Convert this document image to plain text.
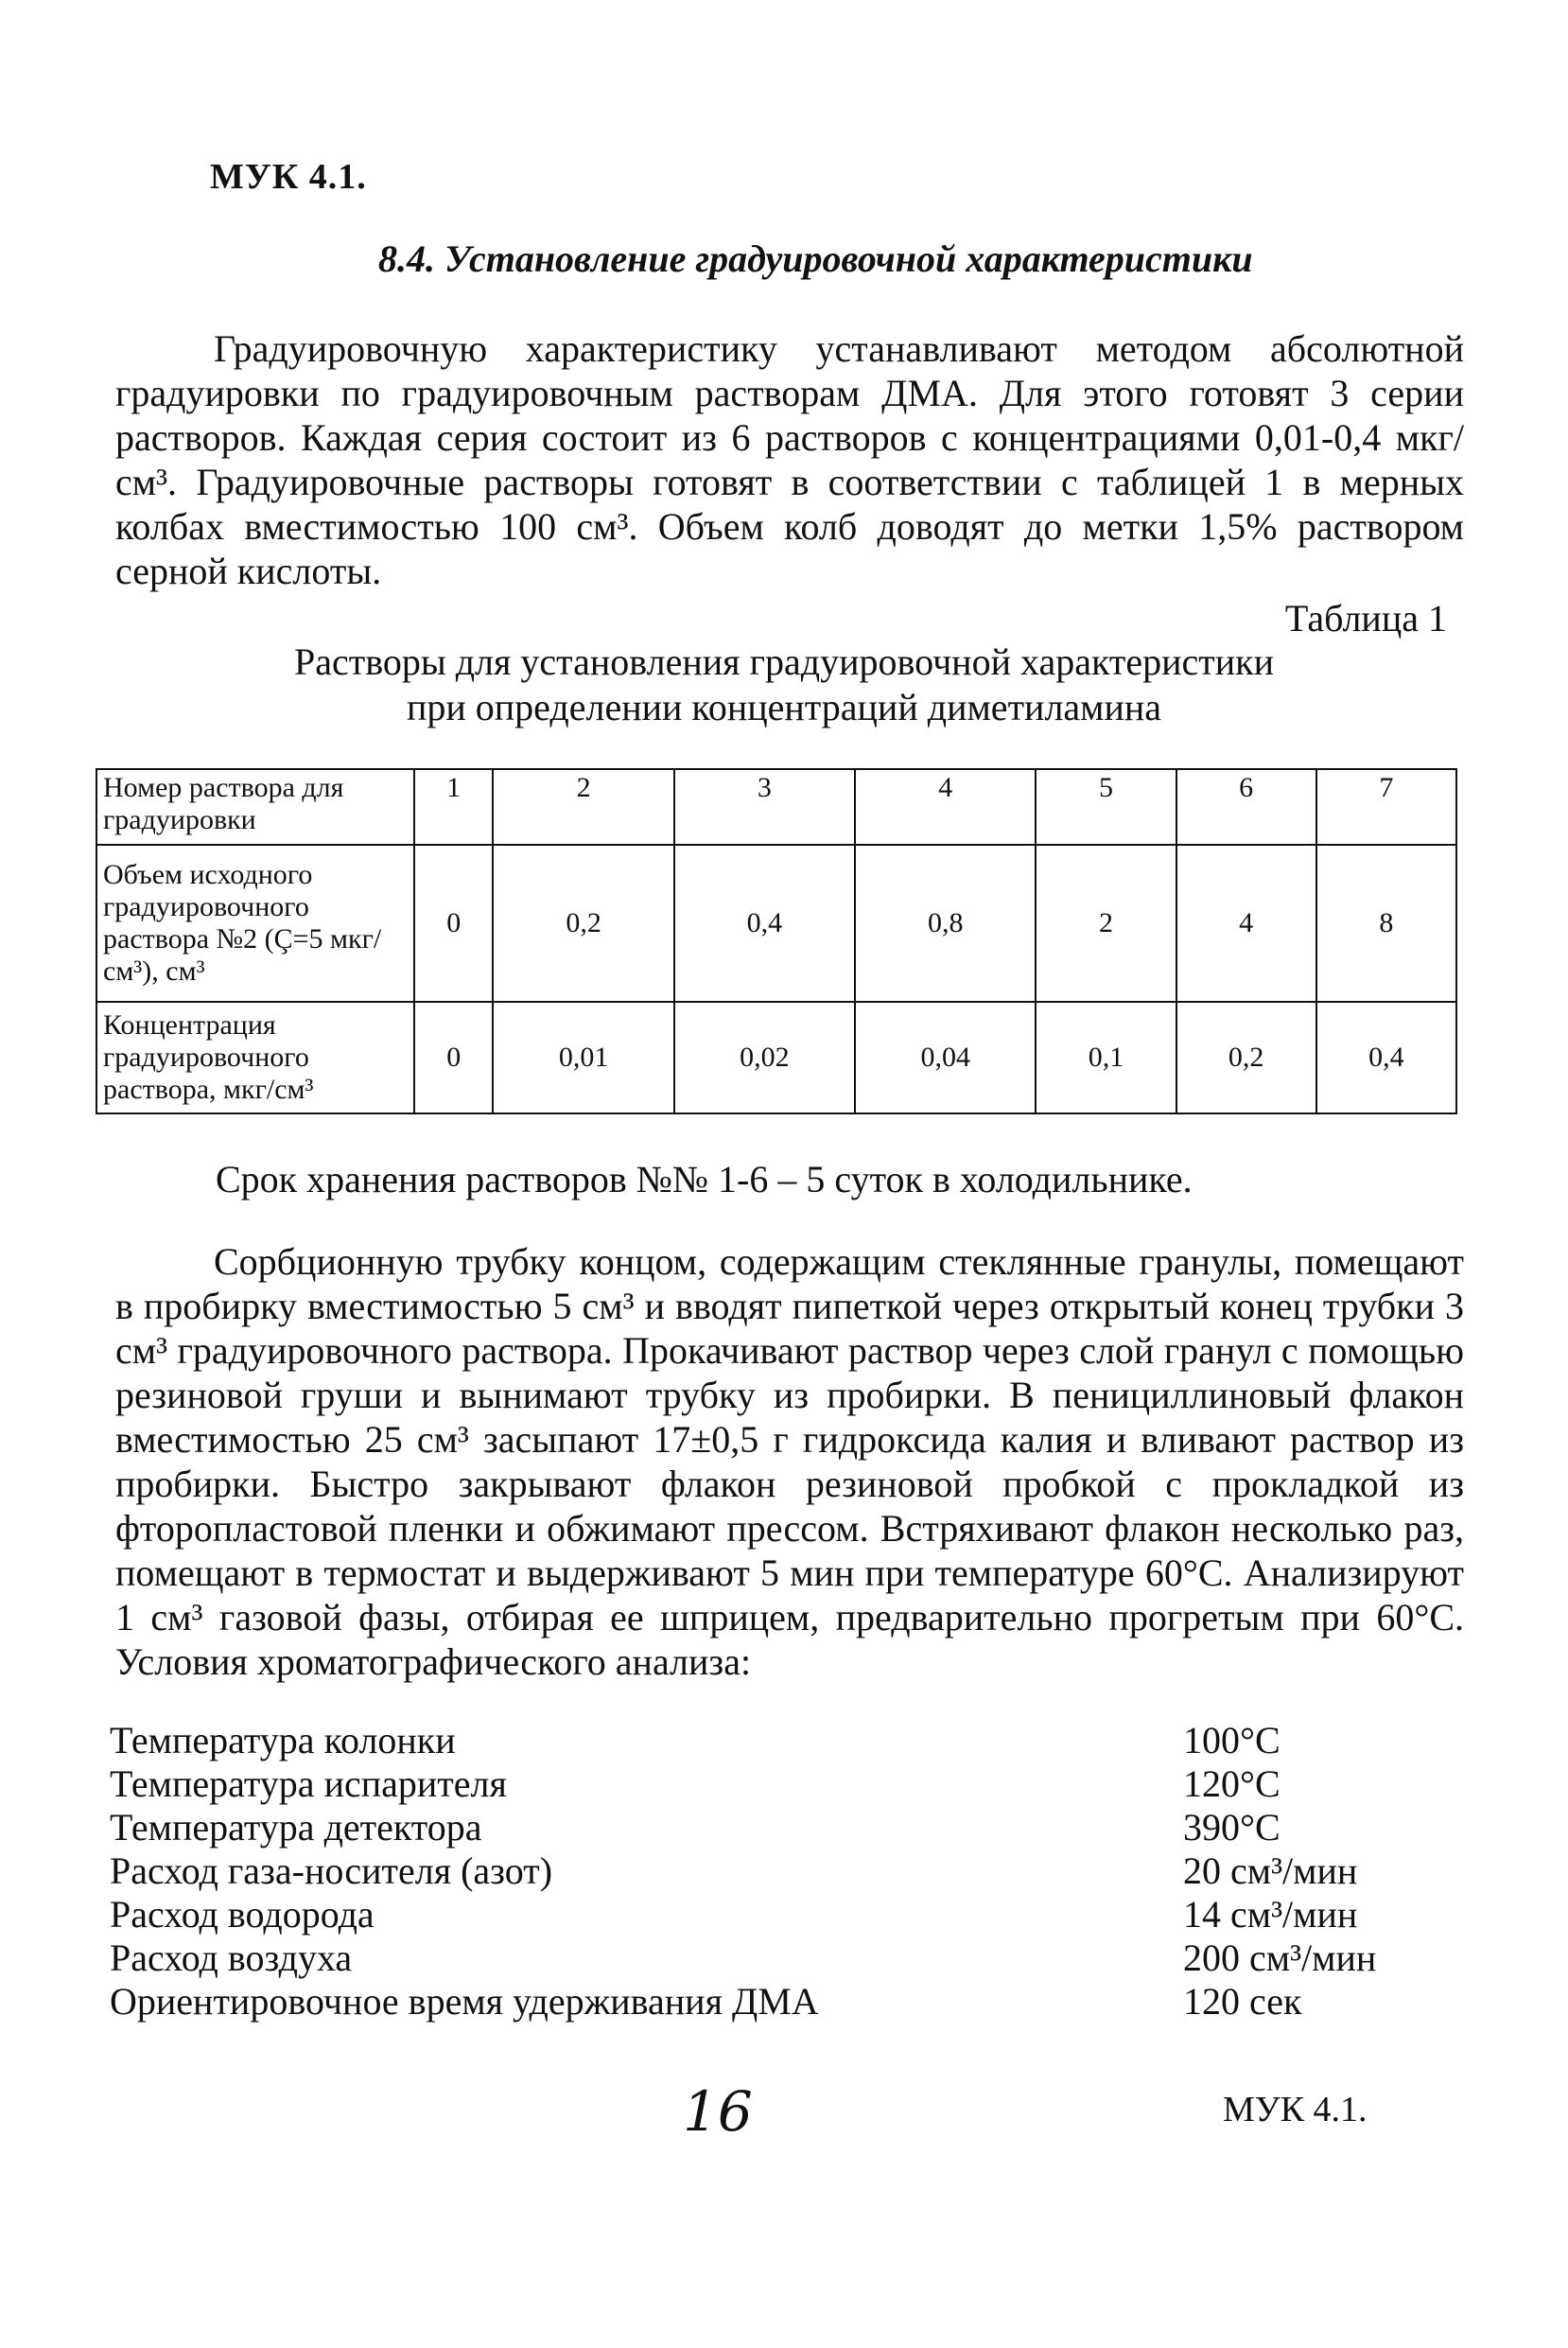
МУК 4.1.
8.4. Установление градуировочной характеристики

Градуировочную характеристику устанавливают методом абсолютной градуировки по градуировочным растворам ДМА. Для этого готовят 3 серии растворов. Каждая серия состоит из 6 растворов с концентрациями 0,01-0,4 мкг/см³. Градуировочные растворы готовят в соответствии с таблицей 1 в мерных колбах вместимостью 100 см³. Объем колб доводят до метки 1,5% раствором серной кислоты.

Таблица 1
Растворы для установления градуировочной характеристики
при определении концентраций диметиламина
Номер раствора для градуировки	1	2	3	4	5	6	7
Объем исходного градуировочного раствора №2 (Ç=5 мкг/см³), см³	0	0,2	0,4	0,8	2	4	8
Концентрация градуировочного раствора, мкг/см³	0	0,01	0,02	0,04	0,1	0,2	0,4
Срок хранения растворов №№ 1-6 – 5 суток в холодильнике.

Сорбционную трубку концом, содержащим стеклянные гранулы, помещают в пробирку вместимостью 5 см³ и вводят пипеткой через открытый конец трубки 3 см³ градуировочного раствора. Прокачивают раствор через слой гранул с помощью резиновой груши и вынимают трубку из пробирки. В пенициллиновый флакон вместимостью 25 см³ засыпают 17±0,5 г гидроксида калия и вливают раствор из пробирки. Быстро закрывают флакон резиновой пробкой с прокладкой из фторопластовой пленки и обжимают прессом. Встряхивают флакон несколько раз, помещают в термостат и выдерживают 5 мин при температуре 60°С. Анализируют 1 см³ газовой фазы, отбирая ее шприцем, предварительно прогретым при 60°С. Условия хроматографического анализа:

Температура колонки	100°С
Температура испарителя	120°С
Температура детектора	390°С
Расход газа-носителя (азот)	20 см³/мин
Расход водорода	14 см³/мин
Расход воздуха	200 см³/мин
Ориентировочное время удерживания ДМА	120 сек
16	МУК 4.1.
